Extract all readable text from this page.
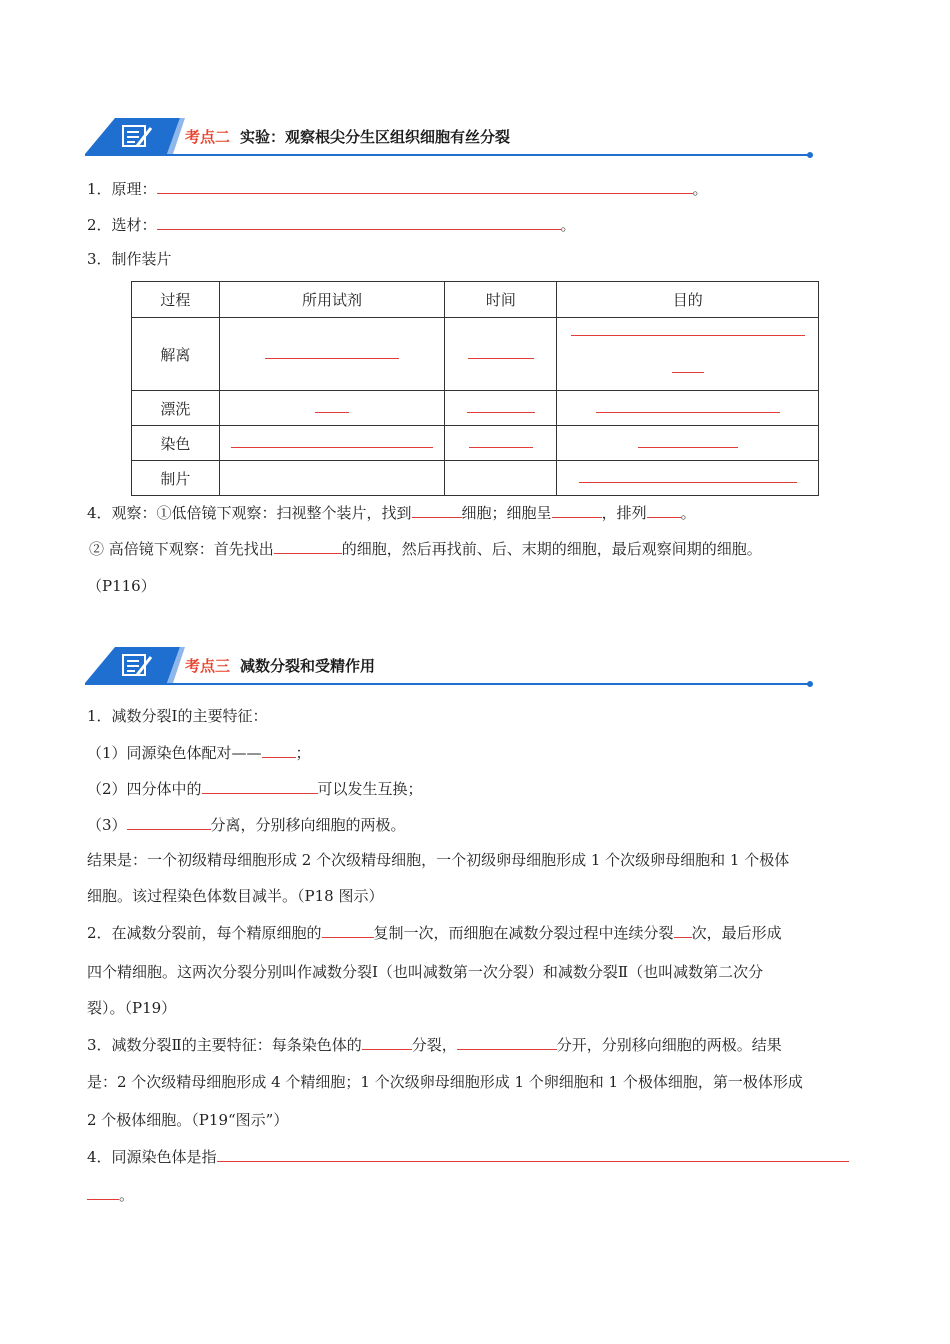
考点二 实验：观察根尖分生区组织细胞有丝分裂
1．原理：	。
2．选材：	。
3．制作装片
过程	所用试剂	时间	目的
解离			

漂洗			
染色			
制片			
4．观察：①低倍镜下观察：扫视整个装片，找到	细胞；细胞呈	，排列 。
② 高倍镜下观察：首先找出	的细胞，然后再找前、后、末期的细胞，最后观察间期的细胞。
（P116）
考点三 减数分裂和受精作用
1．减数分裂Ⅰ的主要特征：
（1）同源染色体配对—— ；
（2）四分体中的	可以发生互换；
（3）	分离，分别移向细胞的两极。
结果是：一个初级精母细胞形成 2 个次级精母细胞，一个初级卵母细胞形成 1 个次级卵母细胞和 1 个极体
细胞。该过程染色体数目减半。（P18 图示）
2．在减数分裂前，每个精原细胞的	复制一次，而细胞在减数分裂过程中连续分裂 次，最后形成
四个精细胞。这两次分裂分别叫作减数分裂Ⅰ（也叫减数第一次分裂）和减数分裂Ⅱ（也叫减数第二次分
裂）。（P19）
3．减数分裂Ⅱ的主要特征：每条染色体的	分裂，	分开，分别移向细胞的两极。结果
是：2 个次级精母细胞形成 4 个精细胞；1 个次级卵母细胞形成 1 个卵细胞和 1 个极体细胞，第一极体形成
2 个极体细胞。（P19“图示”）
4．同源染色体是指
。
